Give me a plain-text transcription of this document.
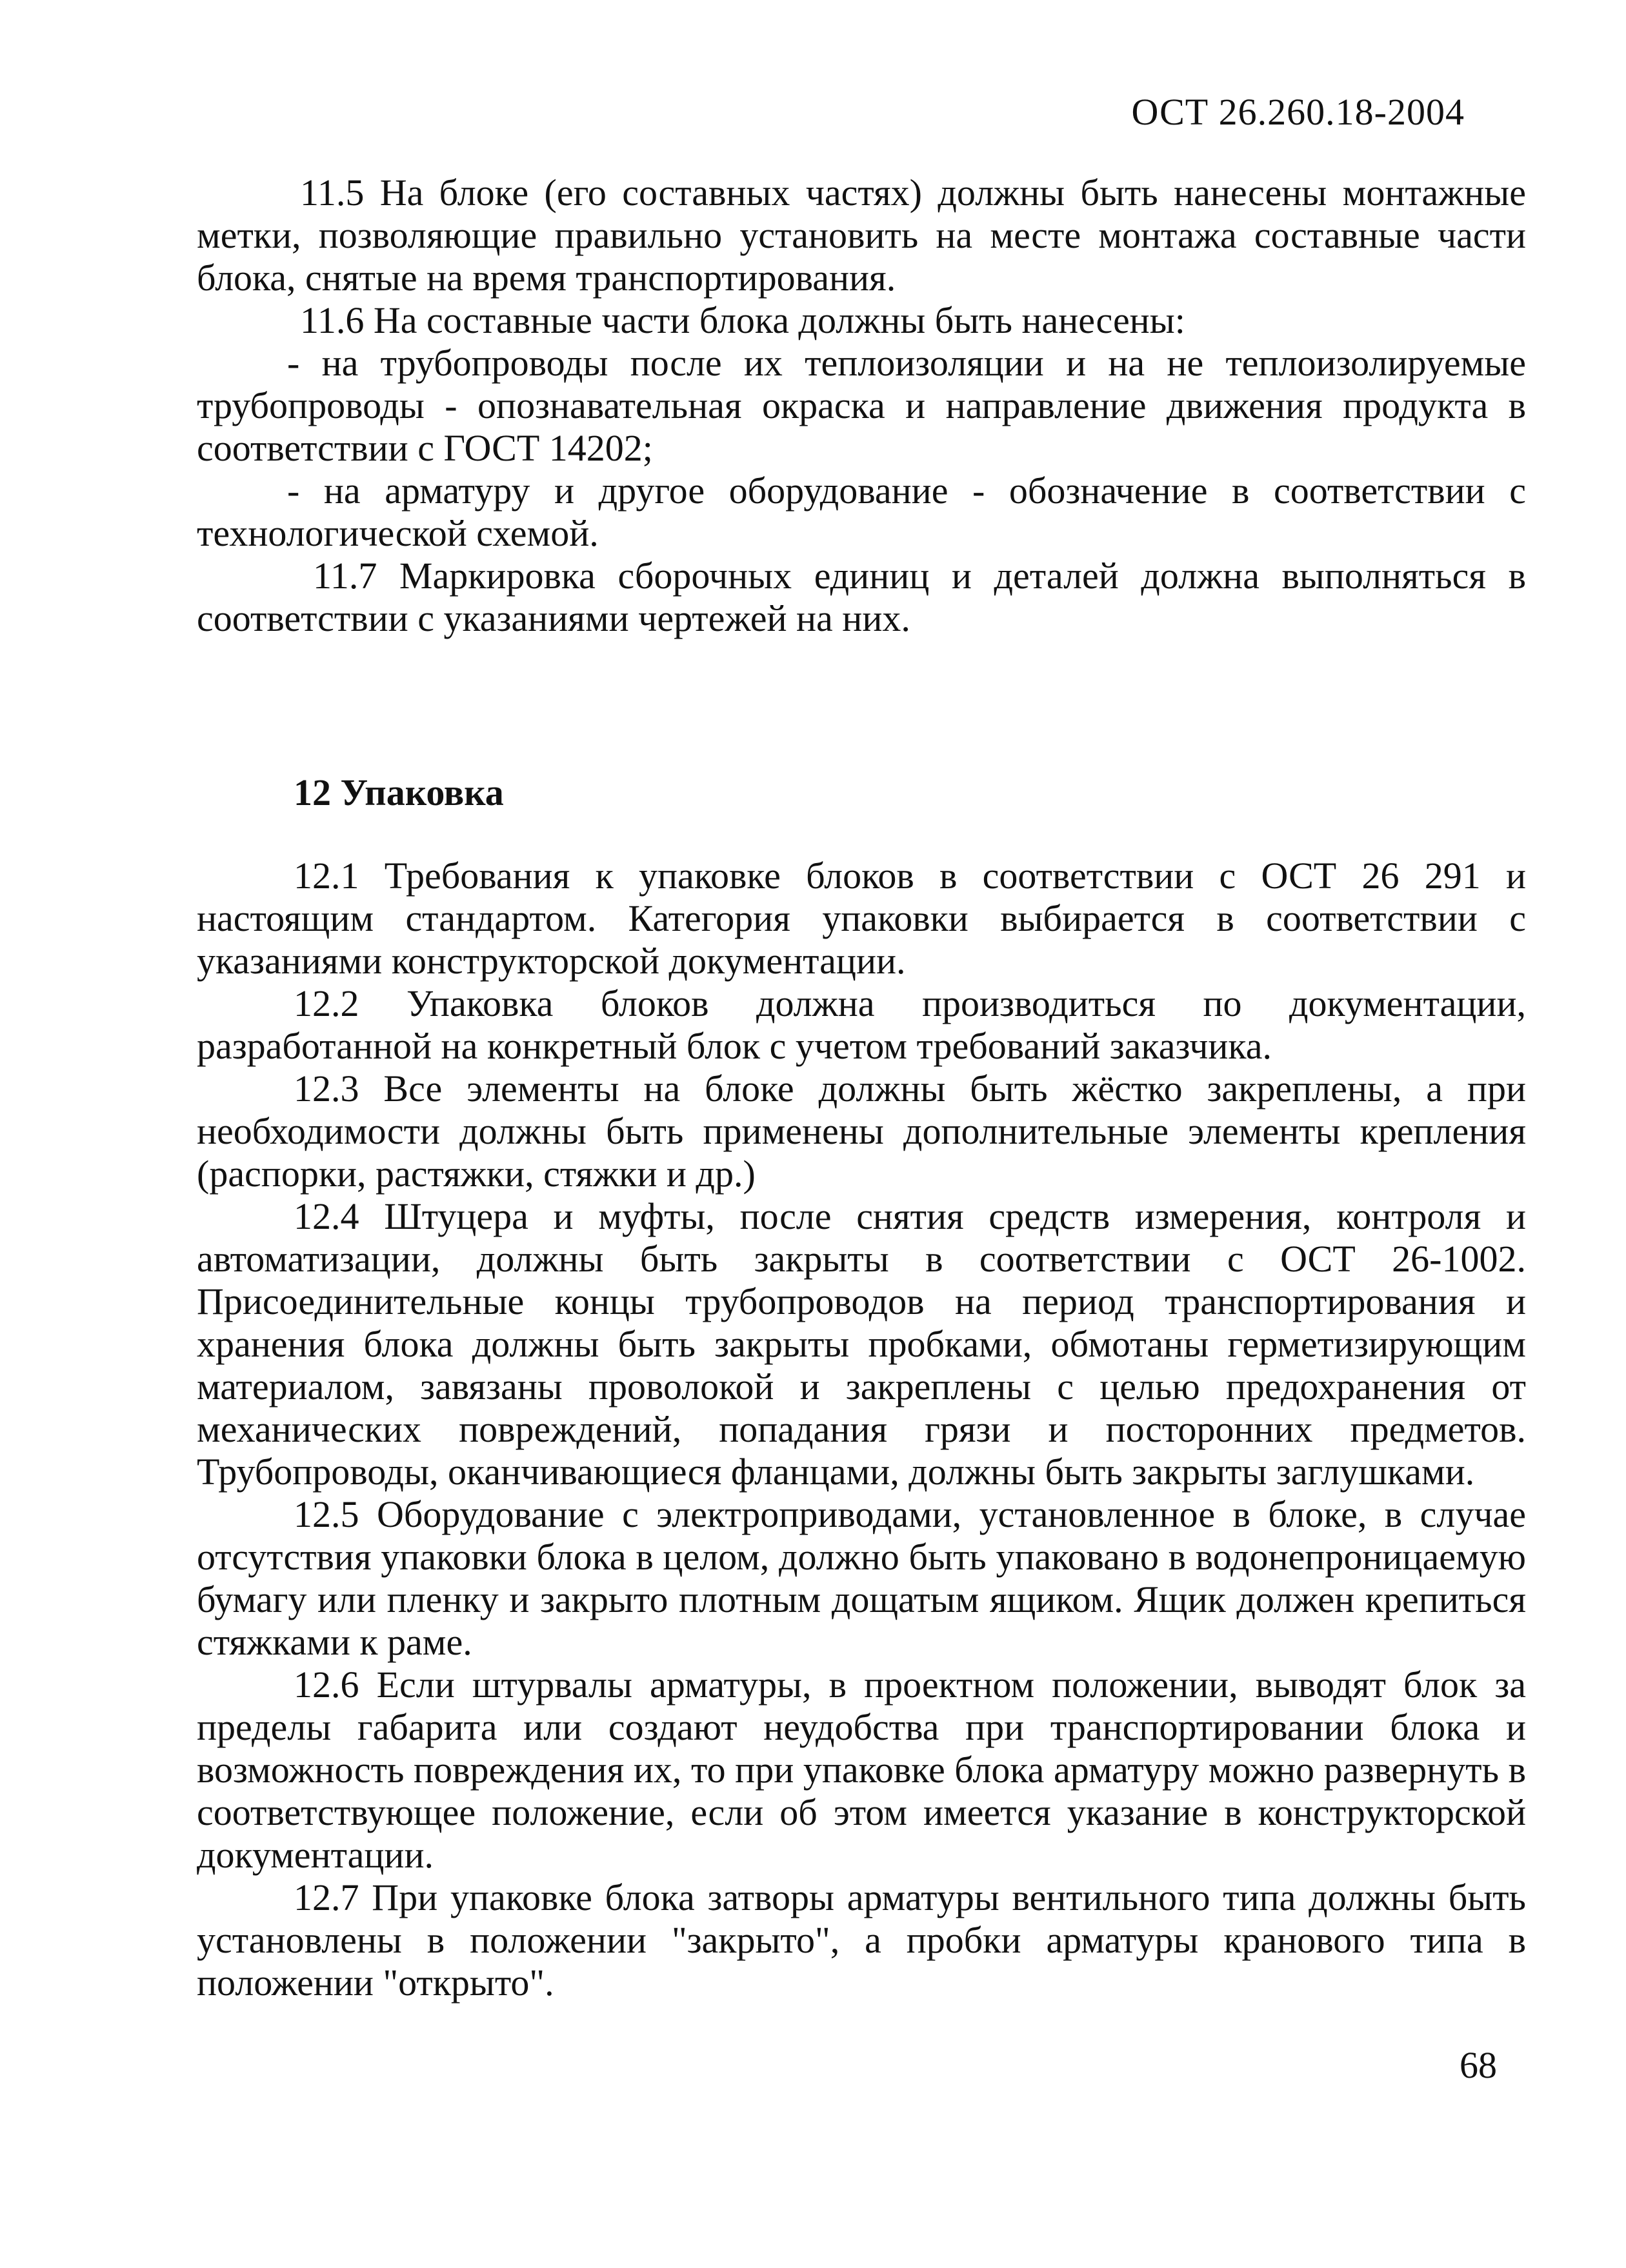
ОСТ 26.260.18-2004

11.5 На блоке (его составных частях) должны быть нанесены монтажные метки, позволяющие правильно установить на месте монтажа составные части блока, снятые на время транспортирования.

11.6 На составные части блока должны быть нанесены:

- на трубопроводы после их теплоизоляции и на не теплоизолируемые трубопроводы - опознавательная окраска и направление движения продукта в соответствии с ГОСТ 14202;

- на арматуру и другое оборудование - обозначение в соответствии с технологической схемой.

11.7 Маркировка сборочных единиц и деталей должна выполняться в соответствии с указаниями чертежей на них.

12 Упаковка

12.1 Требования к упаковке блоков в соответствии с ОСТ 26 291 и настоящим стандартом. Категория упаковки выбирается в соответствии с указаниями конструкторской документации.

12.2 Упаковка блоков должна производиться по документации, разработанной на конкретный блок с учетом требований заказчика.

12.3 Все элементы на блоке должны быть жёстко закреплены, а при необходимости должны быть применены дополнительные элементы крепления (распорки, растяжки, стяжки и др.)

12.4 Штуцера и муфты, после снятия средств измерения, контроля и автоматизации, должны быть закрыты в соответствии с ОСТ 26-1002. Присоединительные концы трубопроводов на период транспортирования и хранения блока должны быть закрыты пробками, обмотаны герметизирующим материалом, завязаны проволокой и закреплены с целью предохранения от механических повреждений, попадания грязи и посторонних предметов. Трубопроводы, оканчивающиеся фланцами, должны быть закрыты заглушками.

12.5 Оборудование с электроприводами, установленное в блоке, в случае отсутствия упаковки блока в целом, должно быть упаковано в водонепроницаемую бумагу или пленку и закрыто плотным дощатым ящиком. Ящик должен крепиться стяжками к раме.

12.6 Если штурвалы арматуры, в проектном положении, выводят блок за пределы габарита или создают неудобства при транспортировании блока и возможность повреждения их, то при упаковке блока арматуру можно развернуть в соответствующее положение, если об этом имеется указание в конструкторской документации.

12.7 При упаковке блока затворы арматуры вентильного типа должны быть установлены в положении "закрыто", а пробки арматуры кранового типа в положении "открыто".

68
